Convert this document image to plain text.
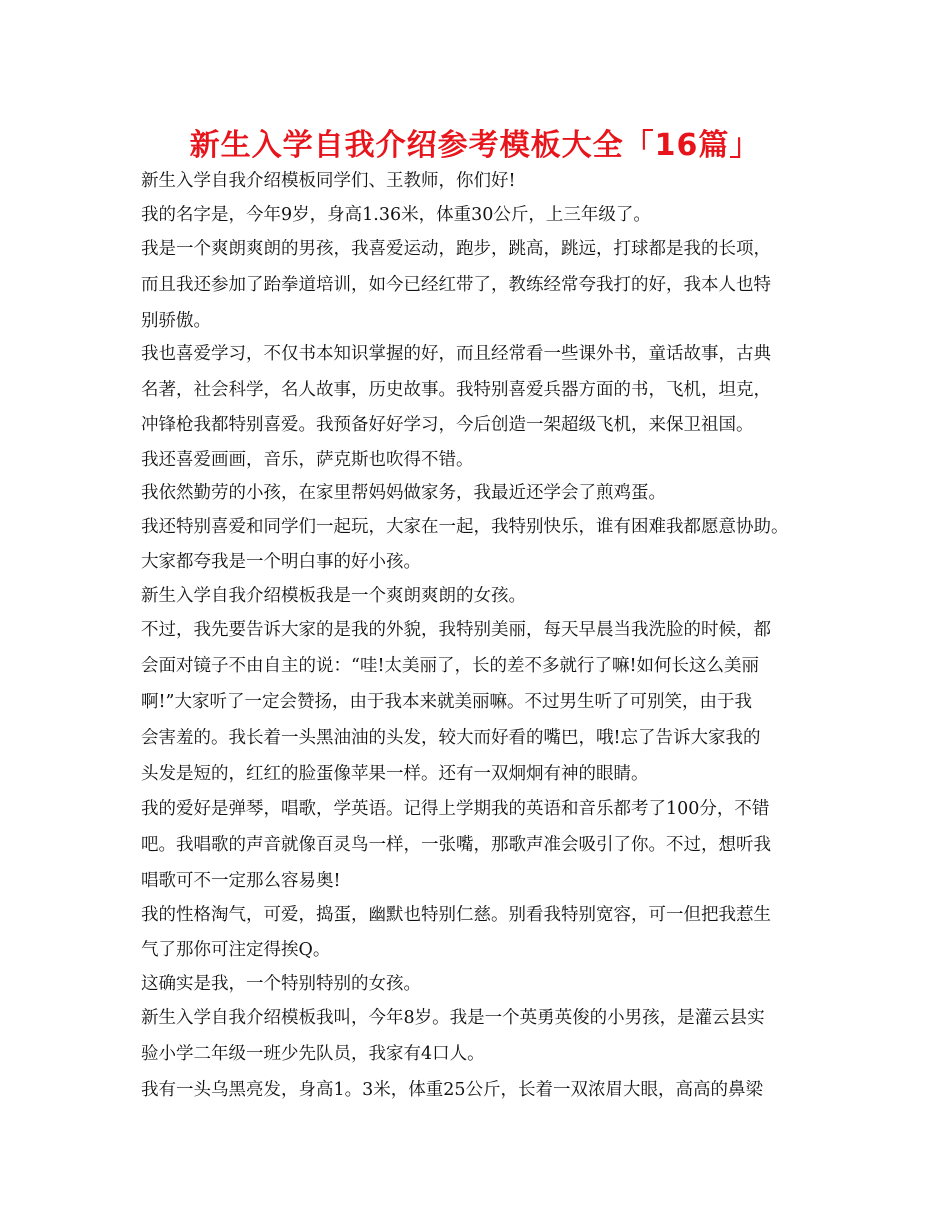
新生入学自我介绍参考模板大全「16篇」

新生入学自我介绍模板同学们、王教师，你们好!

我的名字是，今年9岁，身高1.36米，体重30公斤，上三年级了。

我是一个爽朗爽朗的男孩，我喜爱运动，跑步，跳高，跳远，打球都是我的长项，

而且我还参加了跆拳道培训，如今已经红带了，教练经常夸我打的好，我本人也特

别骄傲。

我也喜爱学习，不仅书本知识掌握的好，而且经常看一些课外书，童话故事，古典

名著，社会科学，名人故事，历史故事。我特别喜爱兵器方面的书，飞机，坦克，

冲锋枪我都特别喜爱。我预备好好学习，今后创造一架超级飞机，来保卫祖国。

我还喜爱画画，音乐，萨克斯也吹得不错。

我依然勤劳的小孩，在家里帮妈妈做家务，我最近还学会了煎鸡蛋。

我还特别喜爱和同学们一起玩，大家在一起，我特别快乐，谁有困难我都愿意协助。

大家都夸我是一个明白事的好小孩。

新生入学自我介绍模板我是一个爽朗爽朗的女孩。

不过，我先要告诉大家的是我的外貌，我特别美丽，每天早晨当我洗脸的时候，都

会面对镜子不由自主的说：“哇!太美丽了，长的差不多就行了嘛!如何长这么美丽

啊!”大家听了一定会赞扬，由于我本来就美丽嘛。不过男生听了可别笑，由于我

会害羞的。我长着一头黑油油的头发，较大而好看的嘴巴，哦!忘了告诉大家我的

头发是短的，红红的脸蛋像苹果一样。还有一双炯炯有神的眼睛。

我的爱好是弹琴，唱歌，学英语。记得上学期我的英语和音乐都考了100分，不错

吧。我唱歌的声音就像百灵鸟一样，一张嘴，那歌声准会吸引了你。不过，想听我

唱歌可不一定那么容易奥!

我的性格淘气，可爱，捣蛋，幽默也特别仁慈。别看我特别宽容，可一但把我惹生

气了那你可注定得挨Q。

这确实是我，一个特别特别的女孩。

新生入学自我介绍模板我叫，今年8岁。我是一个英勇英俊的小男孩，是灌云县实

验小学二年级一班少先队员，我家有4口人。

我有一头乌黑亮发，身高1。3米，体重25公斤，长着一双浓眉大眼，高高的鼻梁
